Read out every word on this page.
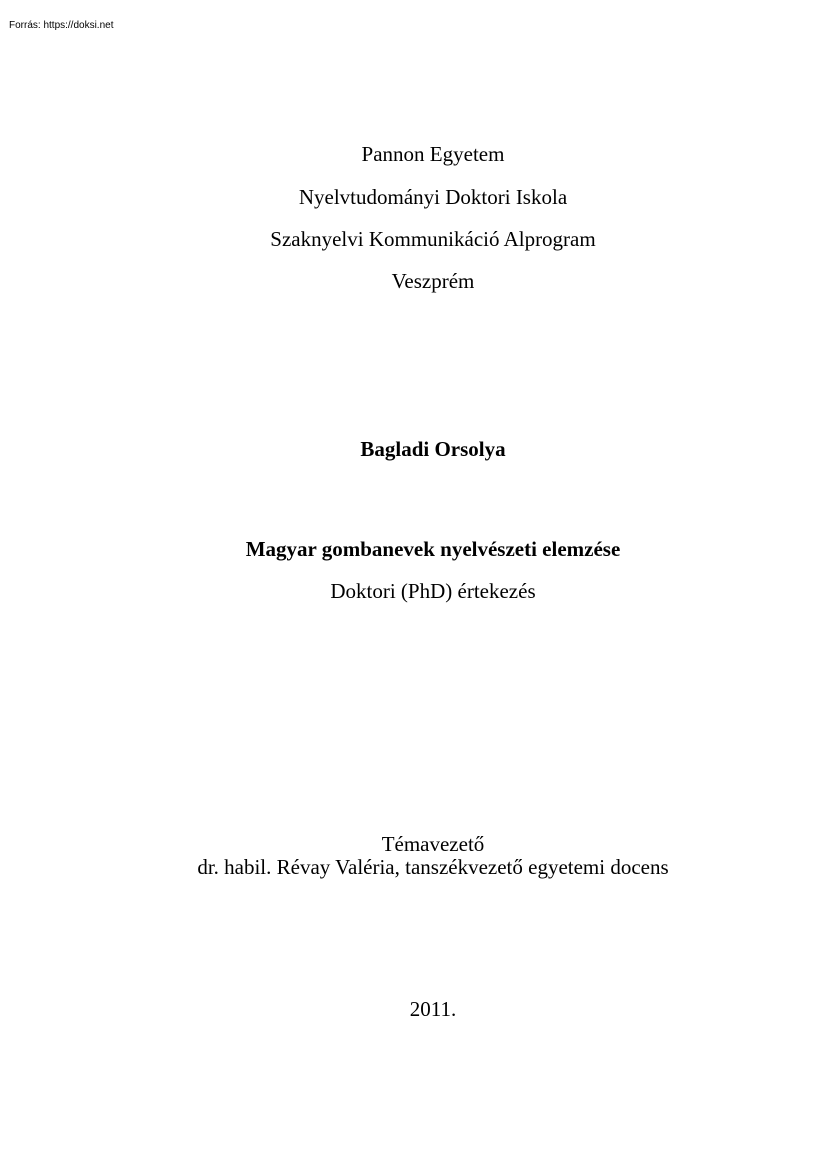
Forrás: https://doksi.net
Pannon Egyetem
Nyelvtudományi Doktori Iskola
Szaknyelvi Kommunikáció Alprogram
Veszprém
Bagladi Orsolya
Magyar gombanevek nyelvészeti elemzése
Doktori (PhD) értekezés
Témavezető
dr. habil. Révay Valéria, tanszékvezető egyetemi docens
2011.
